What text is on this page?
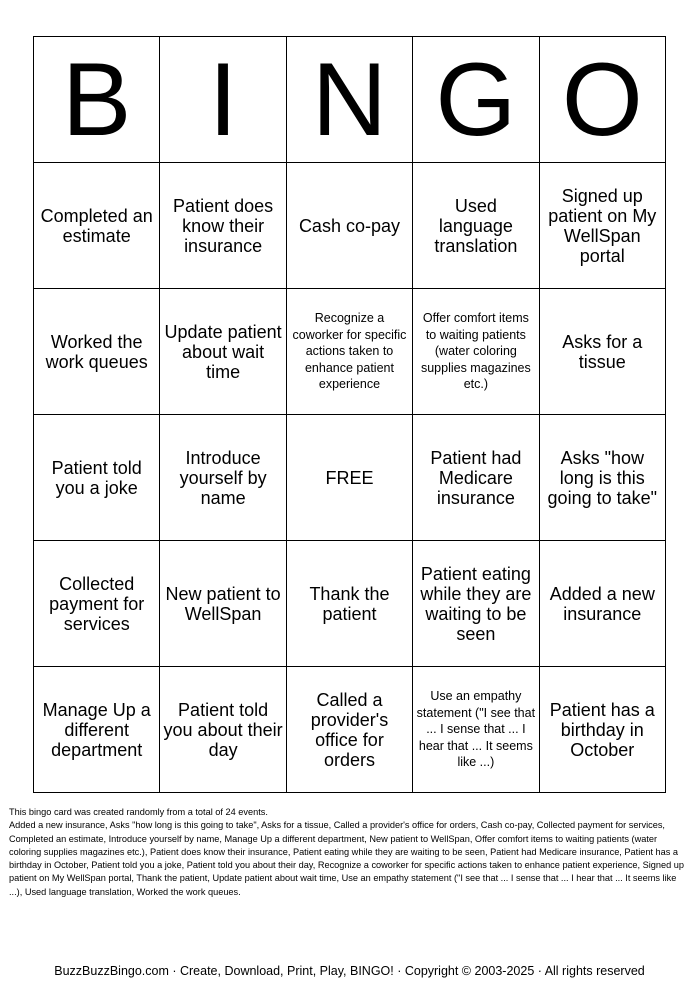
B	I	N	G	O
Completed an estimate	Patient does know their insurance	Cash co-pay	Used language translation	Signed up patient on My WellSpan portal
Worked the work queues	Update patient about wait time	Recognize a coworker for specific actions taken to enhance patient experience	Offer comfort items to waiting patients (water coloring supplies magazines etc.)	Asks for a tissue
Patient told you a joke	Introduce yourself by name	FREE	Patient had Medicare insurance	Asks "how long is this going to take"
Collected payment for services	New patient to WellSpan	Thank the patient	Patient eating while they are waiting to be seen	Added a new insurance
Manage Up a different department	Patient told you about their day	Called a provider's office for orders	Use an empathy statement ("I see that ... I sense that ... I hear that ... It seems like ...)	Patient has a birthday in October

This bingo card was created randomly from a total of 24 events.

Added a new insurance, Asks "how long is this going to take", Asks for a tissue, Called a provider's office for orders, Cash co-pay, Collected payment for services, Completed an estimate, Introduce yourself by name, Manage Up a different department, New patient to WellSpan, Offer comfort items to waiting patients (water coloring supplies magazines etc.), Patient does know their insurance, Patient eating while they are waiting to be seen, Patient had Medicare insurance, Patient has a birthday in October, Patient told you a joke, Patient told you about their day, Recognize a coworker for specific actions taken to enhance patient experience, Signed up patient on My WellSpan portal, Thank the patient, Update patient about wait time, Use an empathy statement ("I see that ... I sense that ... I hear that ... It seems like ...), Used language translation, Worked the work queues.

BuzzBuzzBingo.com · Create, Download, Print, Play, BINGO! · Copyright © 2003-2025 · All rights reserved
